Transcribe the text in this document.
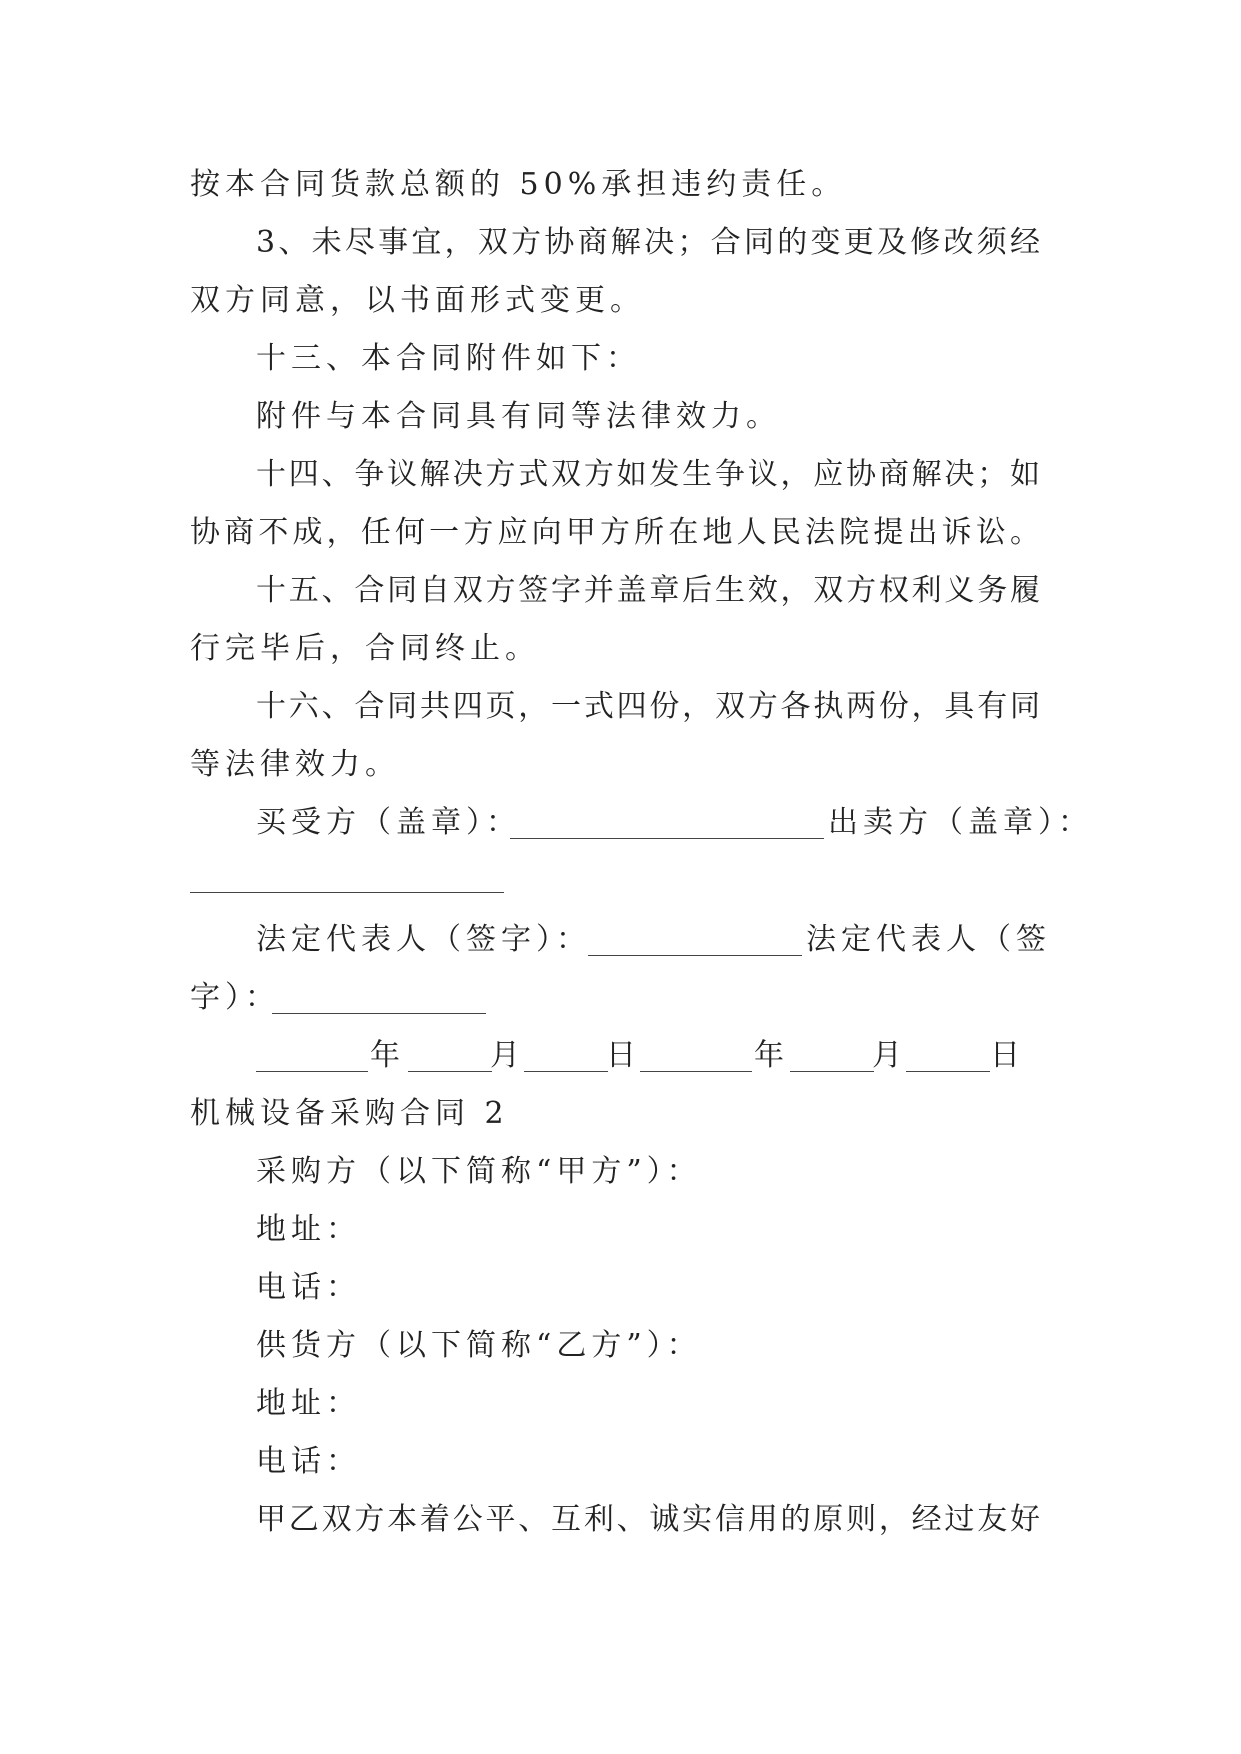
按本合同货款总额的 50%承担违约责任。
3、未尽事宜，双方协商解决；合同的变更及修改须经
双方同意，以书面形式变更。
十三、本合同附件如下：
附件与本合同具有同等法律效力。
十四、争议解决方式双方如发生争议，应协商解决；如
协商不成，任何一方应向甲方所在地人民法院提出诉讼。
十五、合同自双方签字并盖章后生效，双方权利义务履
行完毕后，合同终止。
十六、合同共四页，一式四份，双方各执两份，具有同
等法律效力。
买受方（盖章）：	出卖方（盖章）：
法定代表人（签字）：	法定代表人（签
字）：
年	月	日	年	月	日
机械设备采购合同 2
采购方（以下简称“甲方”）：
地址：
电话：
供货方（以下简称“乙方”）：
地址：
电话：
甲乙双方本着公平、互利、诚实信用的原则，经过友好
